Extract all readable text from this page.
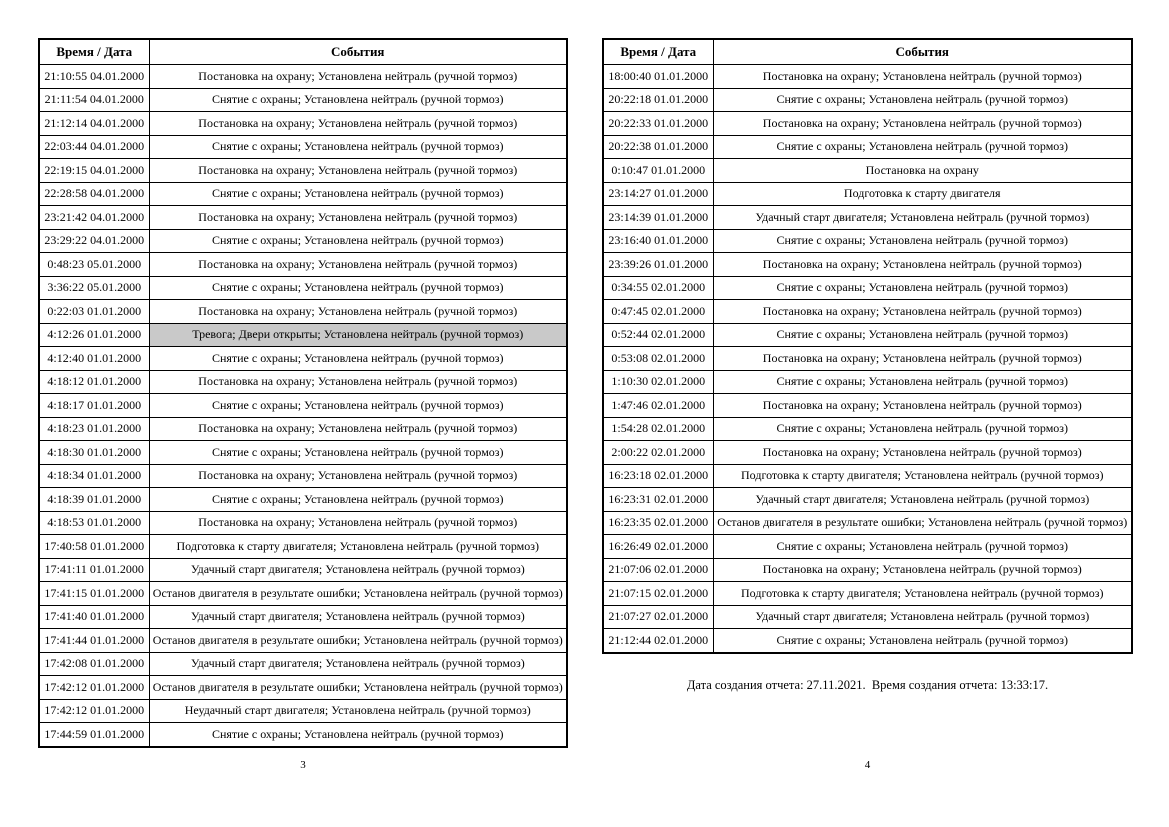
Время / Дата	События
21:10:55 04.01.2000	Постановка на охрану; Установлена нейтраль (ручной тормоз)
21:11:54 04.01.2000	Снятие с охраны; Установлена нейтраль (ручной тормоз)
21:12:14 04.01.2000	Постановка на охрану; Установлена нейтраль (ручной тормоз)
22:03:44 04.01.2000	Снятие с охраны; Установлена нейтраль (ручной тормоз)
22:19:15 04.01.2000	Постановка на охрану; Установлена нейтраль (ручной тормоз)
22:28:58 04.01.2000	Снятие с охраны; Установлена нейтраль (ручной тормоз)
23:21:42 04.01.2000	Постановка на охрану; Установлена нейтраль (ручной тормоз)
23:29:22 04.01.2000	Снятие с охраны; Установлена нейтраль (ручной тормоз)
0:48:23 05.01.2000	Постановка на охрану; Установлена нейтраль (ручной тормоз)
3:36:22 05.01.2000	Снятие с охраны; Установлена нейтраль (ручной тормоз)
0:22:03 01.01.2000	Постановка на охрану; Установлена нейтраль (ручной тормоз)
4:12:26 01.01.2000	Тревога; Двери открыты; Установлена нейтраль (ручной тормоз)
4:12:40 01.01.2000	Снятие с охраны; Установлена нейтраль (ручной тормоз)
4:18:12 01.01.2000	Постановка на охрану; Установлена нейтраль (ручной тормоз)
4:18:17 01.01.2000	Снятие с охраны; Установлена нейтраль (ручной тормоз)
4:18:23 01.01.2000	Постановка на охрану; Установлена нейтраль (ручной тормоз)
4:18:30 01.01.2000	Снятие с охраны; Установлена нейтраль (ручной тормоз)
4:18:34 01.01.2000	Постановка на охрану; Установлена нейтраль (ручной тормоз)
4:18:39 01.01.2000	Снятие с охраны; Установлена нейтраль (ручной тормоз)
4:18:53 01.01.2000	Постановка на охрану; Установлена нейтраль (ручной тормоз)
17:40:58 01.01.2000	Подготовка к старту двигателя; Установлена нейтраль (ручной тормоз)
17:41:11 01.01.2000	Удачный старт двигателя; Установлена нейтраль (ручной тормоз)
17:41:15 01.01.2000	Останов двигателя в результате ошибки; Установлена нейтраль (ручной тормоз)
17:41:40 01.01.2000	Удачный старт двигателя; Установлена нейтраль (ручной тормоз)
17:41:44 01.01.2000	Останов двигателя в результате ошибки; Установлена нейтраль (ручной тормоз)
17:42:08 01.01.2000	Удачный старт двигателя; Установлена нейтраль (ручной тормоз)
17:42:12 01.01.2000	Останов двигателя в результате ошибки; Установлена нейтраль (ручной тормоз)
17:42:12 01.01.2000	Неудачный старт двигателя; Установлена нейтраль (ручной тормоз)
17:44:59 01.01.2000	Снятие с охраны; Установлена нейтраль (ручной тормоз)
3
Время / Дата	События
18:00:40 01.01.2000	Постановка на охрану; Установлена нейтраль (ручной тормоз)
20:22:18 01.01.2000	Снятие с охраны; Установлена нейтраль (ручной тормоз)
20:22:33 01.01.2000	Постановка на охрану; Установлена нейтраль (ручной тормоз)
20:22:38 01.01.2000	Снятие с охраны; Установлена нейтраль (ручной тормоз)
0:10:47 01.01.2000	Постановка на охрану
23:14:27 01.01.2000	Подготовка к старту двигателя
23:14:39 01.01.2000	Удачный старт двигателя; Установлена нейтраль (ручной тормоз)
23:16:40 01.01.2000	Снятие с охраны; Установлена нейтраль (ручной тормоз)
23:39:26 01.01.2000	Постановка на охрану; Установлена нейтраль (ручной тормоз)
0:34:55 02.01.2000	Снятие с охраны; Установлена нейтраль (ручной тормоз)
0:47:45 02.01.2000	Постановка на охрану; Установлена нейтраль (ручной тормоз)
0:52:44 02.01.2000	Снятие с охраны; Установлена нейтраль (ручной тормоз)
0:53:08 02.01.2000	Постановка на охрану; Установлена нейтраль (ручной тормоз)
1:10:30 02.01.2000	Снятие с охраны; Установлена нейтраль (ручной тормоз)
1:47:46 02.01.2000	Постановка на охрану; Установлена нейтраль (ручной тормоз)
1:54:28 02.01.2000	Снятие с охраны; Установлена нейтраль (ручной тормоз)
2:00:22 02.01.2000	Постановка на охрану; Установлена нейтраль (ручной тормоз)
16:23:18 02.01.2000	Подготовка к старту двигателя; Установлена нейтраль (ручной тормоз)
16:23:31 02.01.2000	Удачный старт двигателя; Установлена нейтраль (ручной тормоз)
16:23:35 02.01.2000	Останов двигателя в результате ошибки; Установлена нейтраль (ручной тормоз)
16:26:49 02.01.2000	Снятие с охраны; Установлена нейтраль (ручной тормоз)
21:07:06 02.01.2000	Постановка на охрану; Установлена нейтраль (ручной тормоз)
21:07:15 02.01.2000	Подготовка к старту двигателя; Установлена нейтраль (ручной тормоз)
21:07:27 02.01.2000	Удачный старт двигателя; Установлена нейтраль (ручной тормоз)
21:12:44 02.01.2000	Снятие с охраны; Установлена нейтраль (ручной тормоз)
Дата создания отчета: 27.11.2021.  Время создания отчета: 13:33:17.
4
